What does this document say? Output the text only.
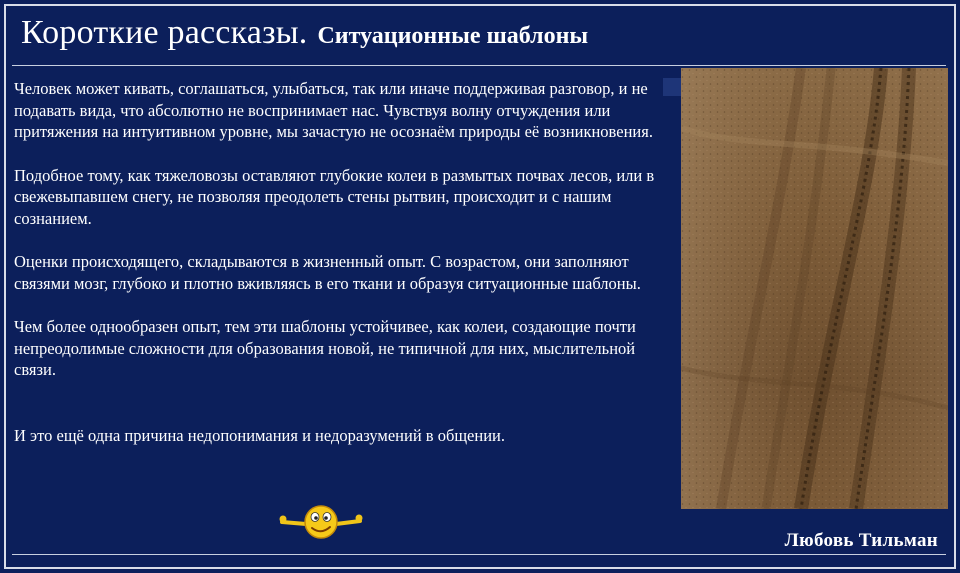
Короткие рассказы. Ситуационные шаблоны

Человек может кивать, соглашаться, улыбаться, так или иначе поддерживая разговор, и не подавать вида, что абсолютно не воспринимает нас. Чувствуя волну отчуждения или притяжения на интуитивном уровне, мы зачастую не осознаём природы её возникновения.

Подобное тому, как тяжеловозы оставляют глубокие колеи в размытых почвах лесов, или в свежевыпавшем снегу, не позволяя преодолеть стены рытвин, происходит и с нашим сознанием.

Оценки происходящего, складываются в жизненный опыт. С возрастом, они заполняют связями мозг, глубоко и плотно вживляясь в его ткани и образуя ситуационные шаблоны.

Чем более однообразен опыт, тем эти шаблоны устойчивее, как колеи, создающие почти непреодолимые сложности для образования новой, не типичной для них, мыслительной связи.

И это ещё одна причина недопонимания и недоразумений в общении.

Любовь Тильман
